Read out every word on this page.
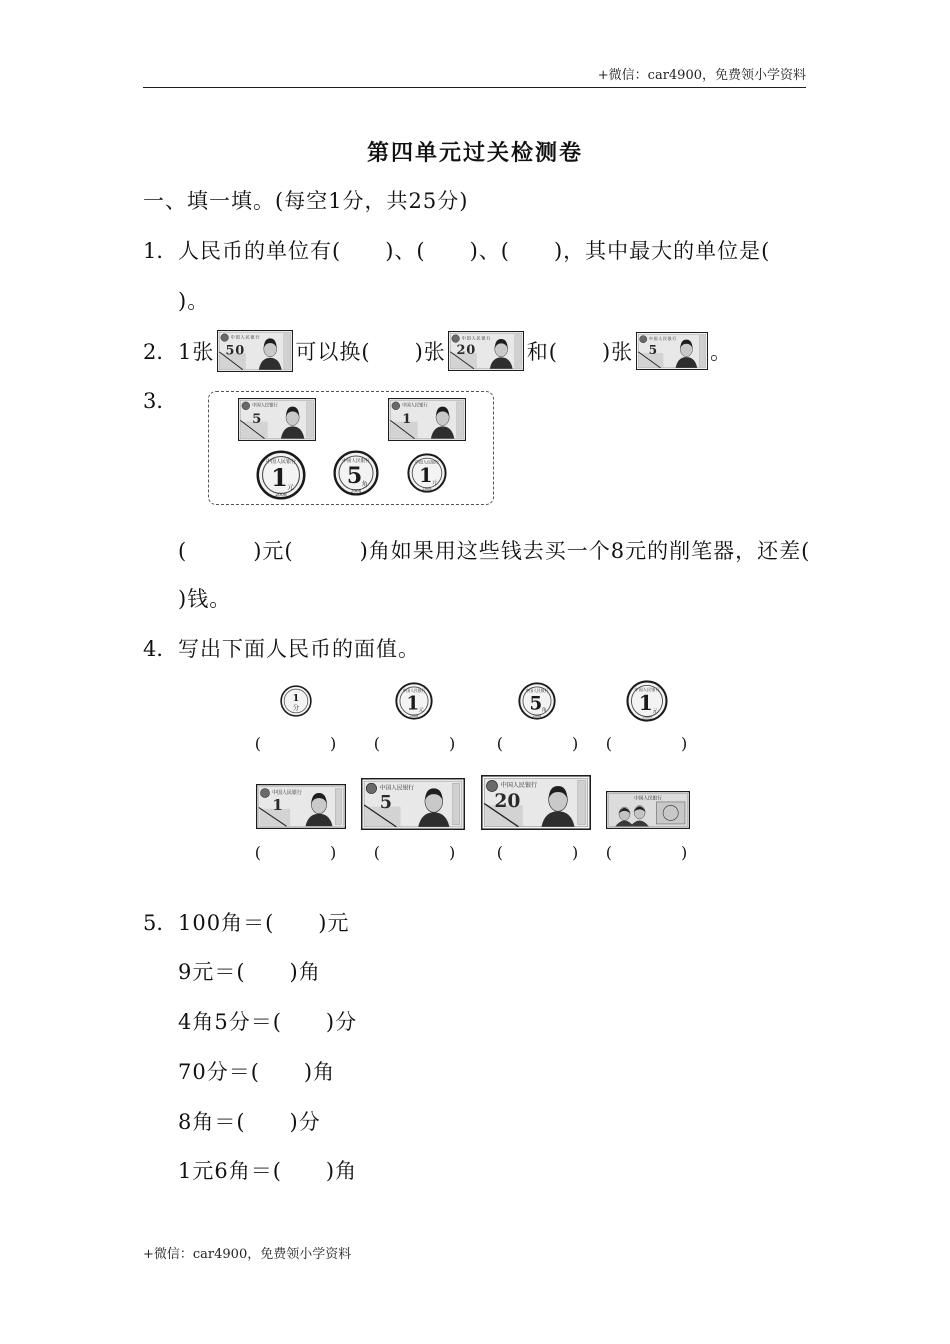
+微信：car4900，免费领小学资料
第四单元过关检测卷
一、填一填。(每空1分，共25分)
1． 人民币的单位有(　　)、(　　)、(　　)，其中最大的单位是(
)。
2． 1张
中国人民银行
50 可以换(　　)张
中国人民银行
20 和(　　)张
中国人民银行
5 。
3．	中国人民银行
5
中国人民银行
1
中国人民银行
1 元
2008
中国人民银行
5 角
2008
中国人民银行
1 元
2008
(　　　)元(　　　)角如果用这些钱去买一个8元的削笔器，还差(
)钱。
4． 写出下面人民币的面值。
1
分
中国人民银行
1 元
2008
中国人民银行
5 角
2008
中国人民银行
1 元
2008
(　　　　) (　　　　)	(　　　　) (　　　　)
中国人民银行
1
中国人民银行
5
中国人民银行
20	中国人民银行
(　　　　) (　　　　)	(　　　　) (　　　　)
5． 100角＝(　　)元
9元＝(　　)角
4角5分＝(　　)分
70分＝(　　)角
8角＝(　　)分
1元6角＝(　　)角
+微信：car4900，免费领小学资料
